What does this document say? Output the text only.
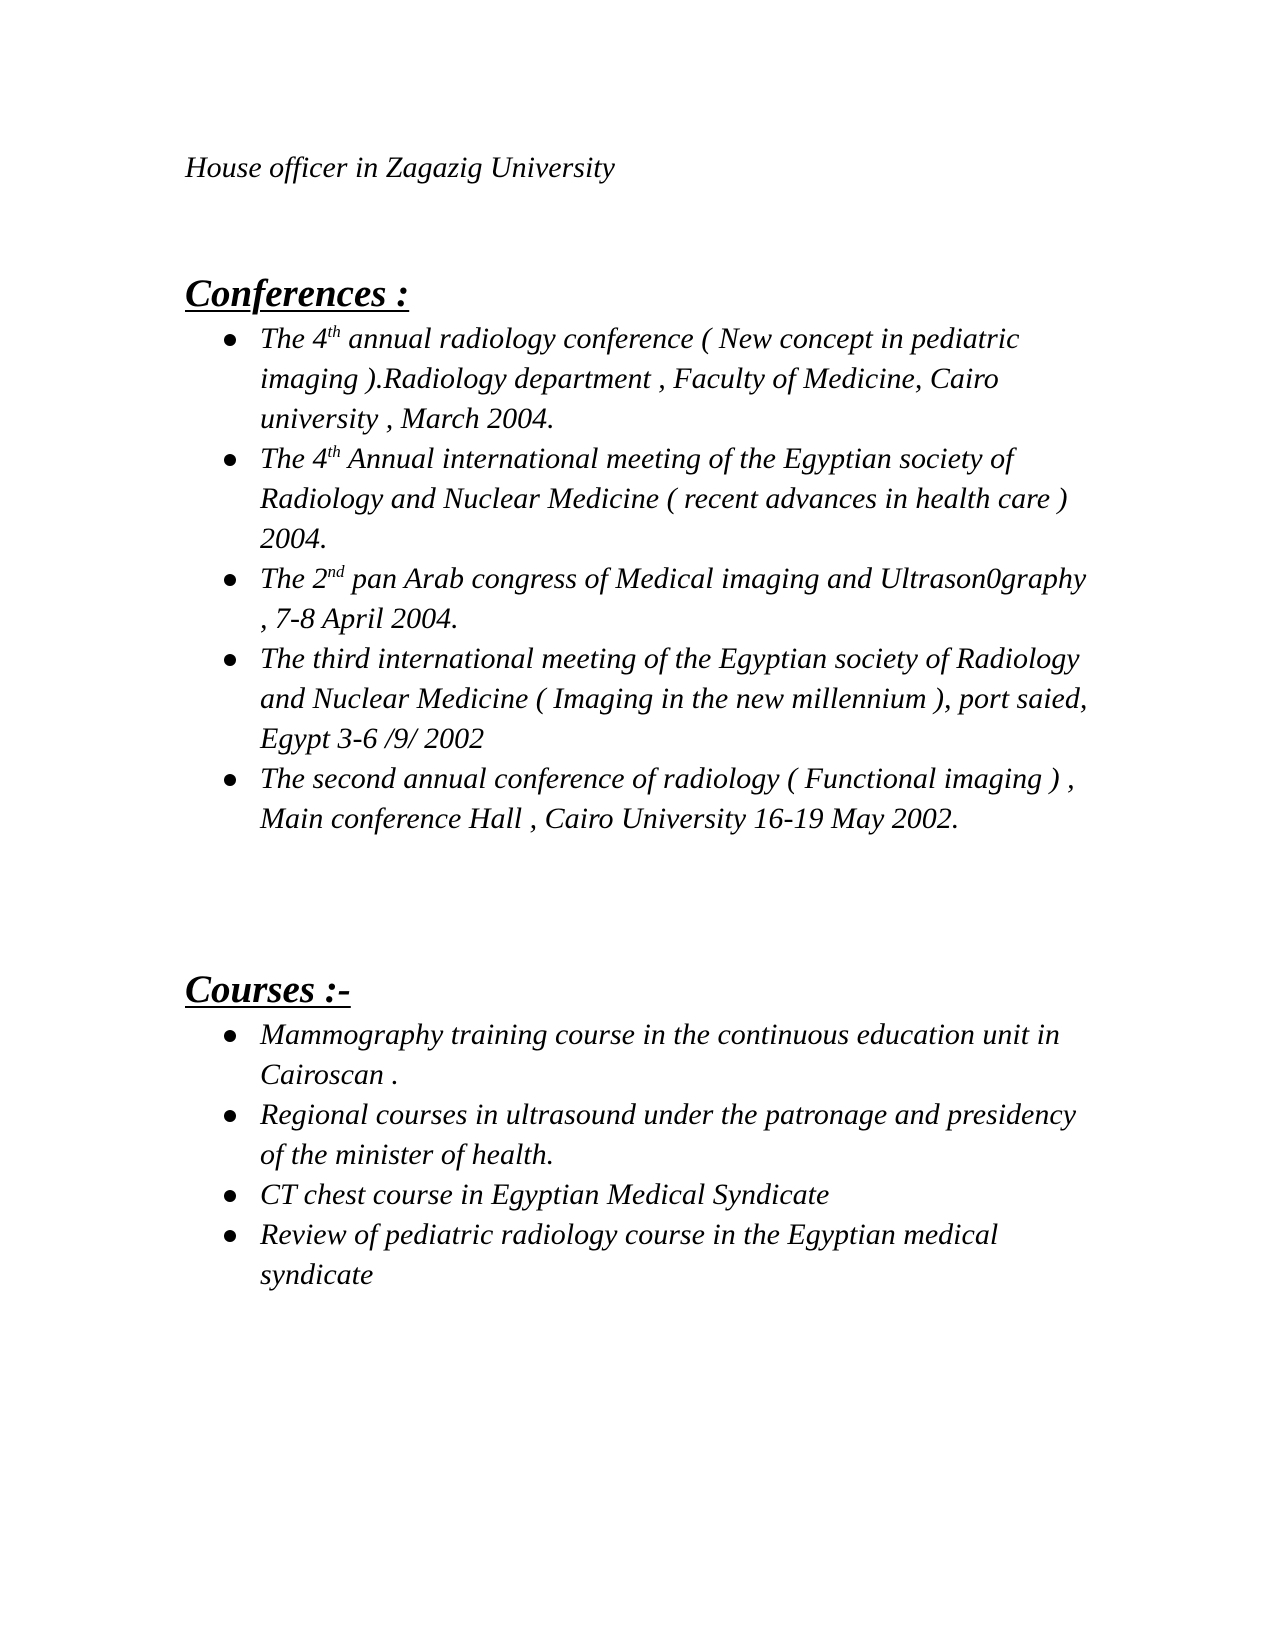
House officer in Zagazig University
Conferences :
The 4th annual radiology conference ( New concept in pediatric imaging ).Radiology department , Faculty of Medicine, Cairo university , March 2004.
The 4th Annual international meeting of the Egyptian society of Radiology and Nuclear Medicine ( recent advances in health care ) 2004.
The 2nd pan Arab congress of Medical imaging and Ultrason0graphy , 7-8 April 2004.
The third international meeting of the Egyptian society of Radiology and Nuclear Medicine ( Imaging in the new millennium ), port saied, Egypt 3-6 /9/ 2002
The second annual conference of radiology ( Functional imaging ) , Main conference Hall , Cairo University 16-19 May 2002.
Courses :-
Mammography training course in the continuous education unit in Cairoscan .
Regional courses in ultrasound under the patronage and presidency of the minister of health.
CT chest course in Egyptian Medical Syndicate
Review of pediatric radiology course in the Egyptian medical syndicate
